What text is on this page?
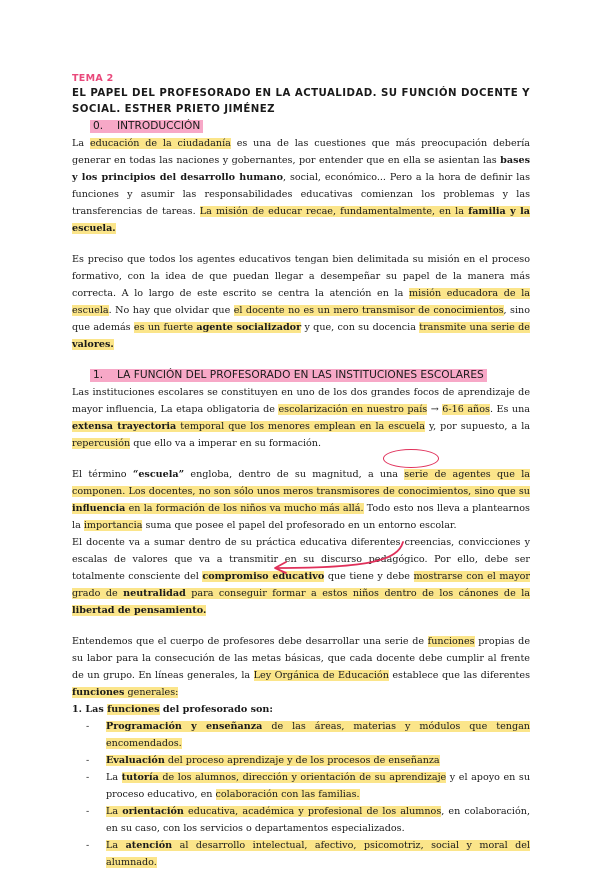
TEMA 2
EL PAPEL DEL PROFESORADO EN LA ACTUALIDAD. SU FUNCIÓN DOCENTE Y SOCIAL. ESTHER PRIETO JIMÉNEZ
0. INTRODUCCIÓN

La educación de la ciudadanía es una de las cuestiones que más preocupación debería generar en todas las naciones y gobernantes, por entender que en ella se asientan las bases y los principios del desarrollo humano, social, económico... Pero a la hora de definir las funciones y asumir las responsabilidades educativas comienzan los problemas y las transferencias de tareas. La misión de educar recae, fundamentalmente, en la familia y la escuela.

Es preciso que todos los agentes educativos tengan bien delimitada su misión en el proceso formativo, con la idea de que puedan llegar a desempeñar su papel de la manera más correcta. A lo largo de este escrito se centra la atención en la misión educadora de la escuela. No hay que olvidar que el docente no es un mero transmisor de conocimientos, sino que además es un fuerte agente socializador y que, con su docencia transmite una serie de valores.

1. LA FUNCIÓN DEL PROFESORADO EN LAS INSTITUCIONES ESCOLARES

Las instituciones escolares se constituyen en uno de los dos grandes focos de aprendizaje de mayor influencia, La etapa obligatoria de escolarización en nuestro país → 6-16 años. Es una extensa trayectoria temporal que los menores emplean en la escuela y, por supuesto, a la repercusión que ello va a imperar en su formación.

El término “escuela” engloba, dentro de su magnitud, a una serie de agentes que la componen. Los docentes, no son sólo unos meros transmisores de conocimientos, sino que su influencia en la formación de los niños va mucho más allá. Todo esto nos lleva a plantearnos la importancia suma que posee el papel del profesorado en un entorno escolar.

El docente va a sumar dentro de su práctica educativa diferentes creencias, convicciones y escalas de valores que va a transmitir en su discurso pedagógico. Por ello, debe ser totalmente consciente del compromiso educativo que tiene y debe mostrarse con el mayor grado de neutralidad para conseguir formar a estos niños dentro de los cánones de la libertad de pensamiento.

Entendemos que el cuerpo de profesores debe desarrollar una serie de funciones propias de su labor para la consecución de las metas básicas, que cada docente debe cumplir al frente de un grupo. En líneas generales, la Ley Orgánica de Educación establece que las diferentes funciones generales:

1. Las funciones del profesorado son:

- Programación y enseñanza de las áreas, materias y módulos que tengan encomendados.
- Evaluación del proceso aprendizaje y de los procesos de enseñanza
- La tutoría de los alumnos, dirección y orientación de su aprendizaje y el apoyo en su proceso educativo, en colaboración con las familias.
- La orientación educativa, académica y profesional de los alumnos, en colaboración, en su caso, con los servicios o departamentos especializados.
- La atención al desarrollo intelectual, afectivo, psicomotriz, social y moral del alumnado.
